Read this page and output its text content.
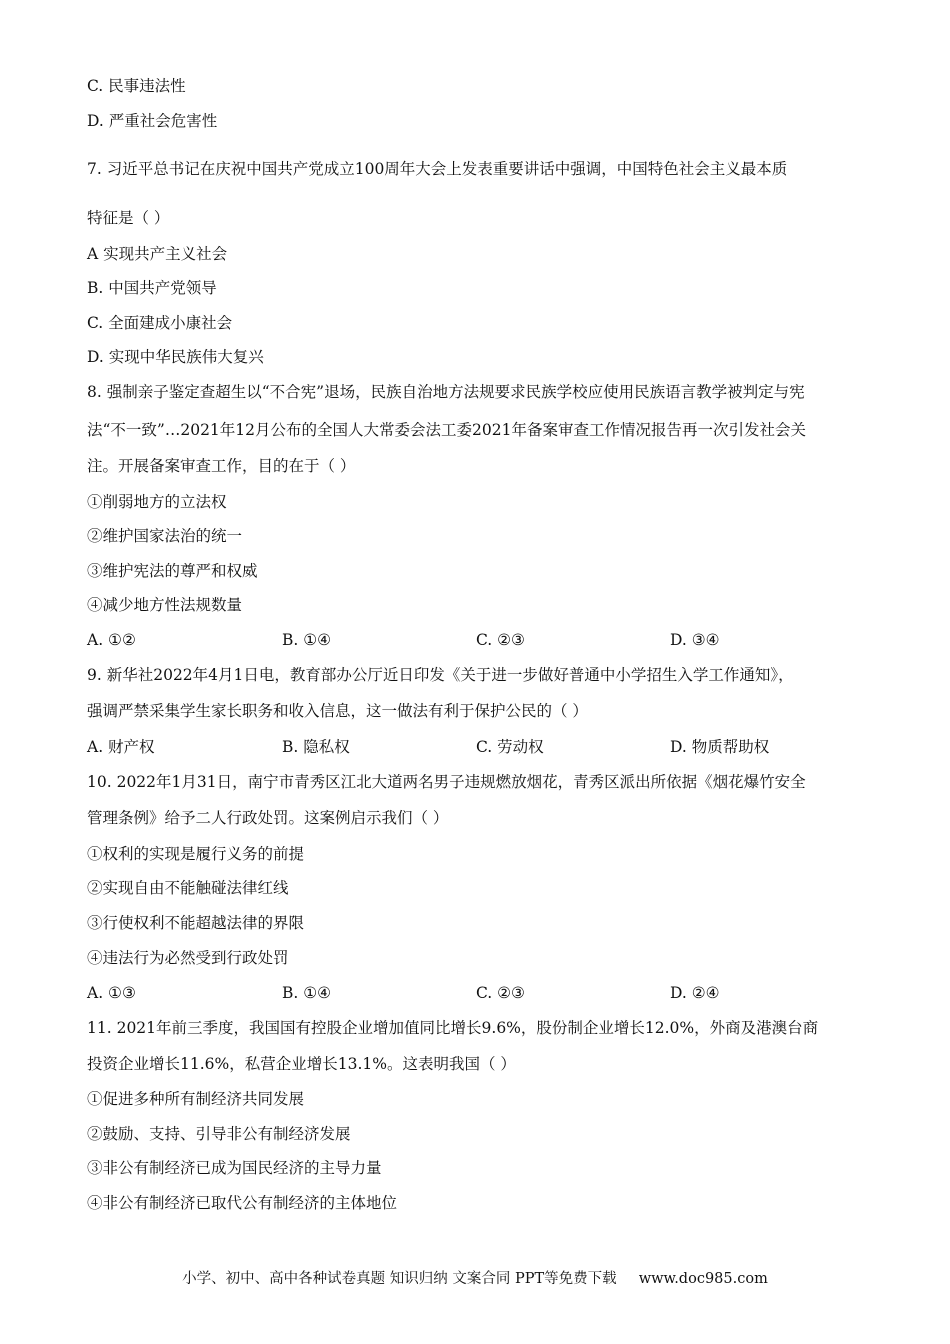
C. 民事违法性
D. 严重社会危害性
7. 习近平总书记在庆祝中国共产党成立100周年大会上发表重要讲话中强调，中国特色社会主义最本质
特征是（ ）
A 实现共产主义社会
B. 中国共产党领导
C. 全面建成小康社会
D. 实现中华民族伟大复兴
8. 强制亲子鉴定查超生以“不合宪”退场，民族自治地方法规要求民族学校应使用民族语言教学被判定与宪
法“不一致”…2021年12月公布的全国人大常委会法工委2021年备案审查工作情况报告再一次引发社会关
注。开展备案审查工作，目的在于（ ）
①削弱地方的立法权
②维护国家法治的统一
③维护宪法的尊严和权威
④减少地方性法规数量
A. ①②	B. ①④	C. ②③	D. ③④
9. 新华社2022年4月1日电，教育部办公厅近日印发《关于进一步做好普通中小学招生入学工作通知》，
强调严禁采集学生家长职务和收入信息，这一做法有利于保护公民的（ ）
A. 财产权	B. 隐私权	C. 劳动权	D. 物质帮助权
10. 2022年1月31日，南宁市青秀区江北大道两名男子违规燃放烟花，青秀区派出所依据《烟花爆竹安全
管理条例》给予二人行政处罚。这案例启示我们（ ）
①权利的实现是履行义务的前提
②实现自由不能触碰法律红线
③行使权利不能超越法律的界限
④违法行为必然受到行政处罚
A. ①③	B. ①④	C. ②③	D. ②④
11. 2021年前三季度，我国国有控股企业增加值同比增长9.6%，股份制企业增长12.0%，外商及港澳台商
投资企业增长11.6%，私营企业增长13.1%。这表明我国（ ）
①促进多种所有制经济共同发展
②鼓励、支持、引导非公有制经济发展
③非公有制经济已成为国民经济的主导力量
④非公有制经济已取代公有制经济的主体地位
小学、初中、高中各种试卷真题 知识归纳 文案合同 PPT等免费下载 www.doc985.com
